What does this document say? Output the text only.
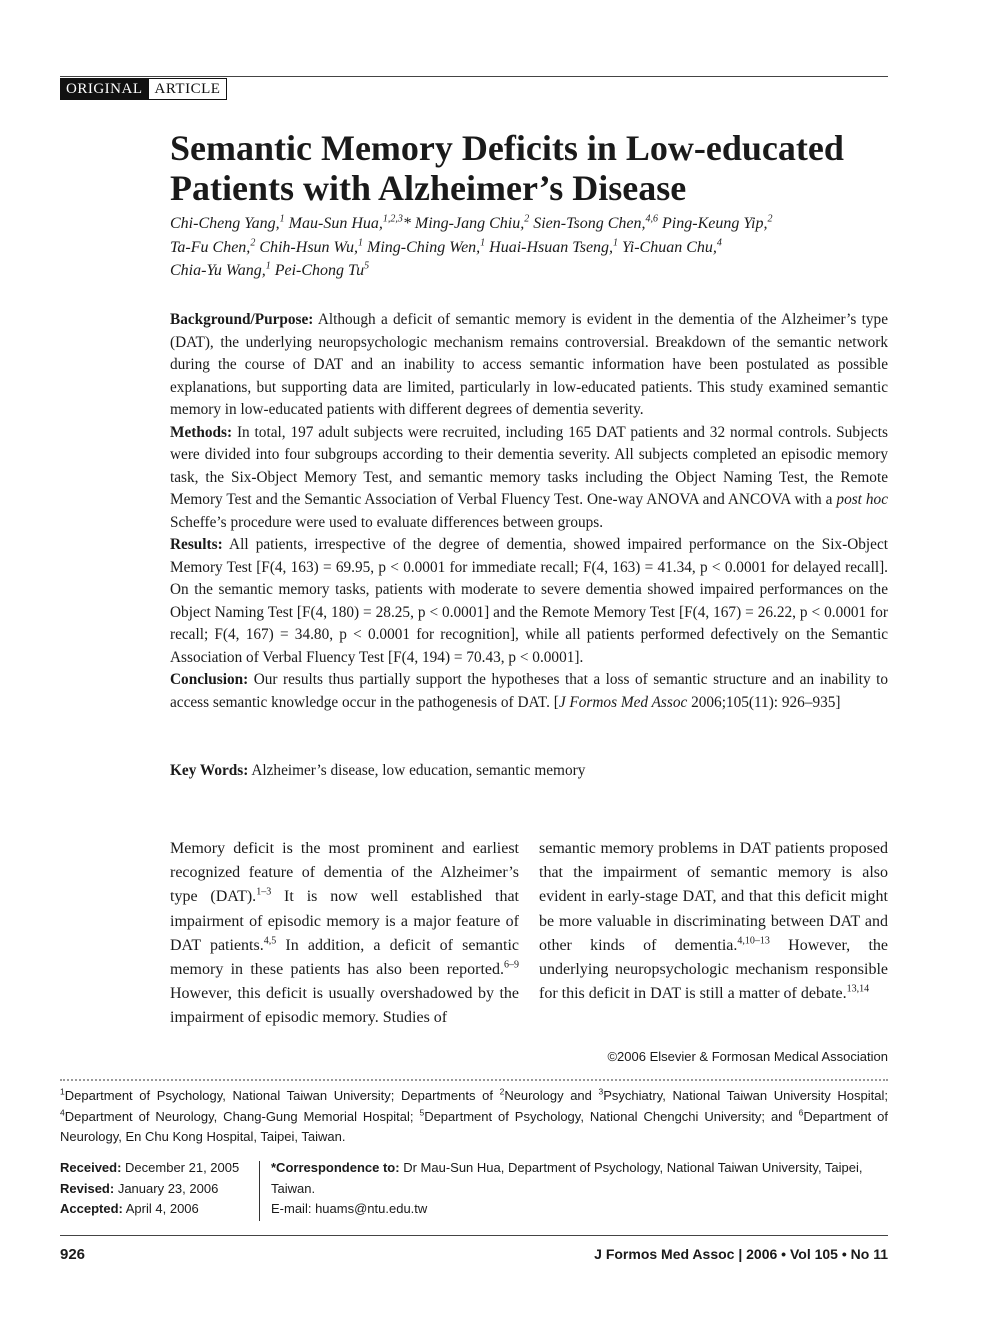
ORIGINAL ARTICLE
Semantic Memory Deficits in Low-educated
Patients with Alzheimer’s Disease
Chi-Cheng Yang,$^1$ Mau-Sun Hua,$^{1,2,3}$* Ming-Jang Chiu,$^2$ Sien-Tsong Chen,$^{4,6}$ Ping-Keung Yip,$^2$
Ta-Fu Chen,$^2$ Chih-Hsun Wu,$^1$ Ming-Ching Wen,$^1$ Huai-Hsuan Tseng,$^1$ Yi-Chuan Chu,$^4$
Chia-Yu Wang,$^1$ Pei-Chong Tu$^5$

Background/Purpose: Although a deficit of semantic memory is evident in the dementia of the Alzheimer’s type (DAT), the underlying neuropsychologic mechanism remains controversial. Breakdown of the semantic network during the course of DAT and an inability to access semantic information have been postulated as possible explanations, but supporting data are limited, particularly in low-educated patients. This study examined semantic memory in low-educated patients with different degrees of dementia severity.

Methods: In total, 197 adult subjects were recruited, including 165 DAT patients and 32 normal controls. Subjects were divided into four subgroups according to their dementia severity. All subjects completed an episodic memory task, the Six-Object Memory Test, and semantic memory tasks including the Object Naming Test, the Remote Memory Test and the Semantic Association of Verbal Fluency Test. One-way ANOVA and ANCOVA with a post hoc Scheffe’s procedure were used to evaluate differences between groups.

Results: All patients, irrespective of the degree of dementia, showed impaired performance on the Six-Object Memory Test [F(4, 163) = 69.95, p < 0.0001 for immediate recall; F(4, 163) = 41.34, p < 0.0001 for delayed recall]. On the semantic memory tasks, patients with moderate to severe dementia showed impaired performances on the Object Naming Test [F(4, 180) = 28.25, p < 0.0001] and the Remote Memory Test [F(4, 167) = 26.22, p < 0.0001 for recall; F(4, 167) = 34.80, p < 0.0001 for recognition], while all patients performed defectively on the Semantic Association of Verbal Fluency Test [F(4, 194) = 70.43, p < 0.0001].

Conclusion: Our results thus partially support the hypotheses that a loss of semantic structure and an inability to access semantic knowledge occur in the pathogenesis of DAT. [J Formos Med Assoc 2006;105(11): 926–935]

Key Words: Alzheimer’s disease, low education, semantic memory
Memory deficit is the most prominent and earliest recognized feature of dementia of the Alzheimer’s type (DAT).$^{1-3}$ It is now well established that impairment of episodic memory is a major feature of DAT patients.$^{4,5}$ In addition, a deficit of semantic memory in these patients has also been reported.$^{6-9}$ However, this deficit is usually overshadowed by the impairment of episodic memory. Studies of
semantic memory problems in DAT patients proposed that the impairment of semantic memory is also evident in early-stage DAT, and that this deficit might be more valuable in discriminating between DAT and other kinds of dementia.$^{4,10-13}$ However, the underlying neuropsychologic mechanism responsible for this deficit in DAT is still a matter of debate.$^{13,14}$
©2006 Elsevier & Formosan Medical Association
$^1$Department of Psychology, National Taiwan University; Departments of $^2$Neurology and $^3$Psychiatry, National Taiwan University Hospital; $^4$Department of Neurology, Chang-Gung Memorial Hospital; $^5$Department of Psychology, National Chengchi University; and $^6$Department of Neurology, En Chu Kong Hospital, Taipei, Taiwan.
Received: December 21, 2005
Revised: January 23, 2006
Accepted: April 4, 2006
*Correspondence to: Dr Mau-Sun Hua, Department of Psychology, National Taiwan University, Taipei, Taiwan.
E-mail: huams@ntu.edu.tw
926	J Formos Med Assoc | 2006 • Vol 105 • No 11
